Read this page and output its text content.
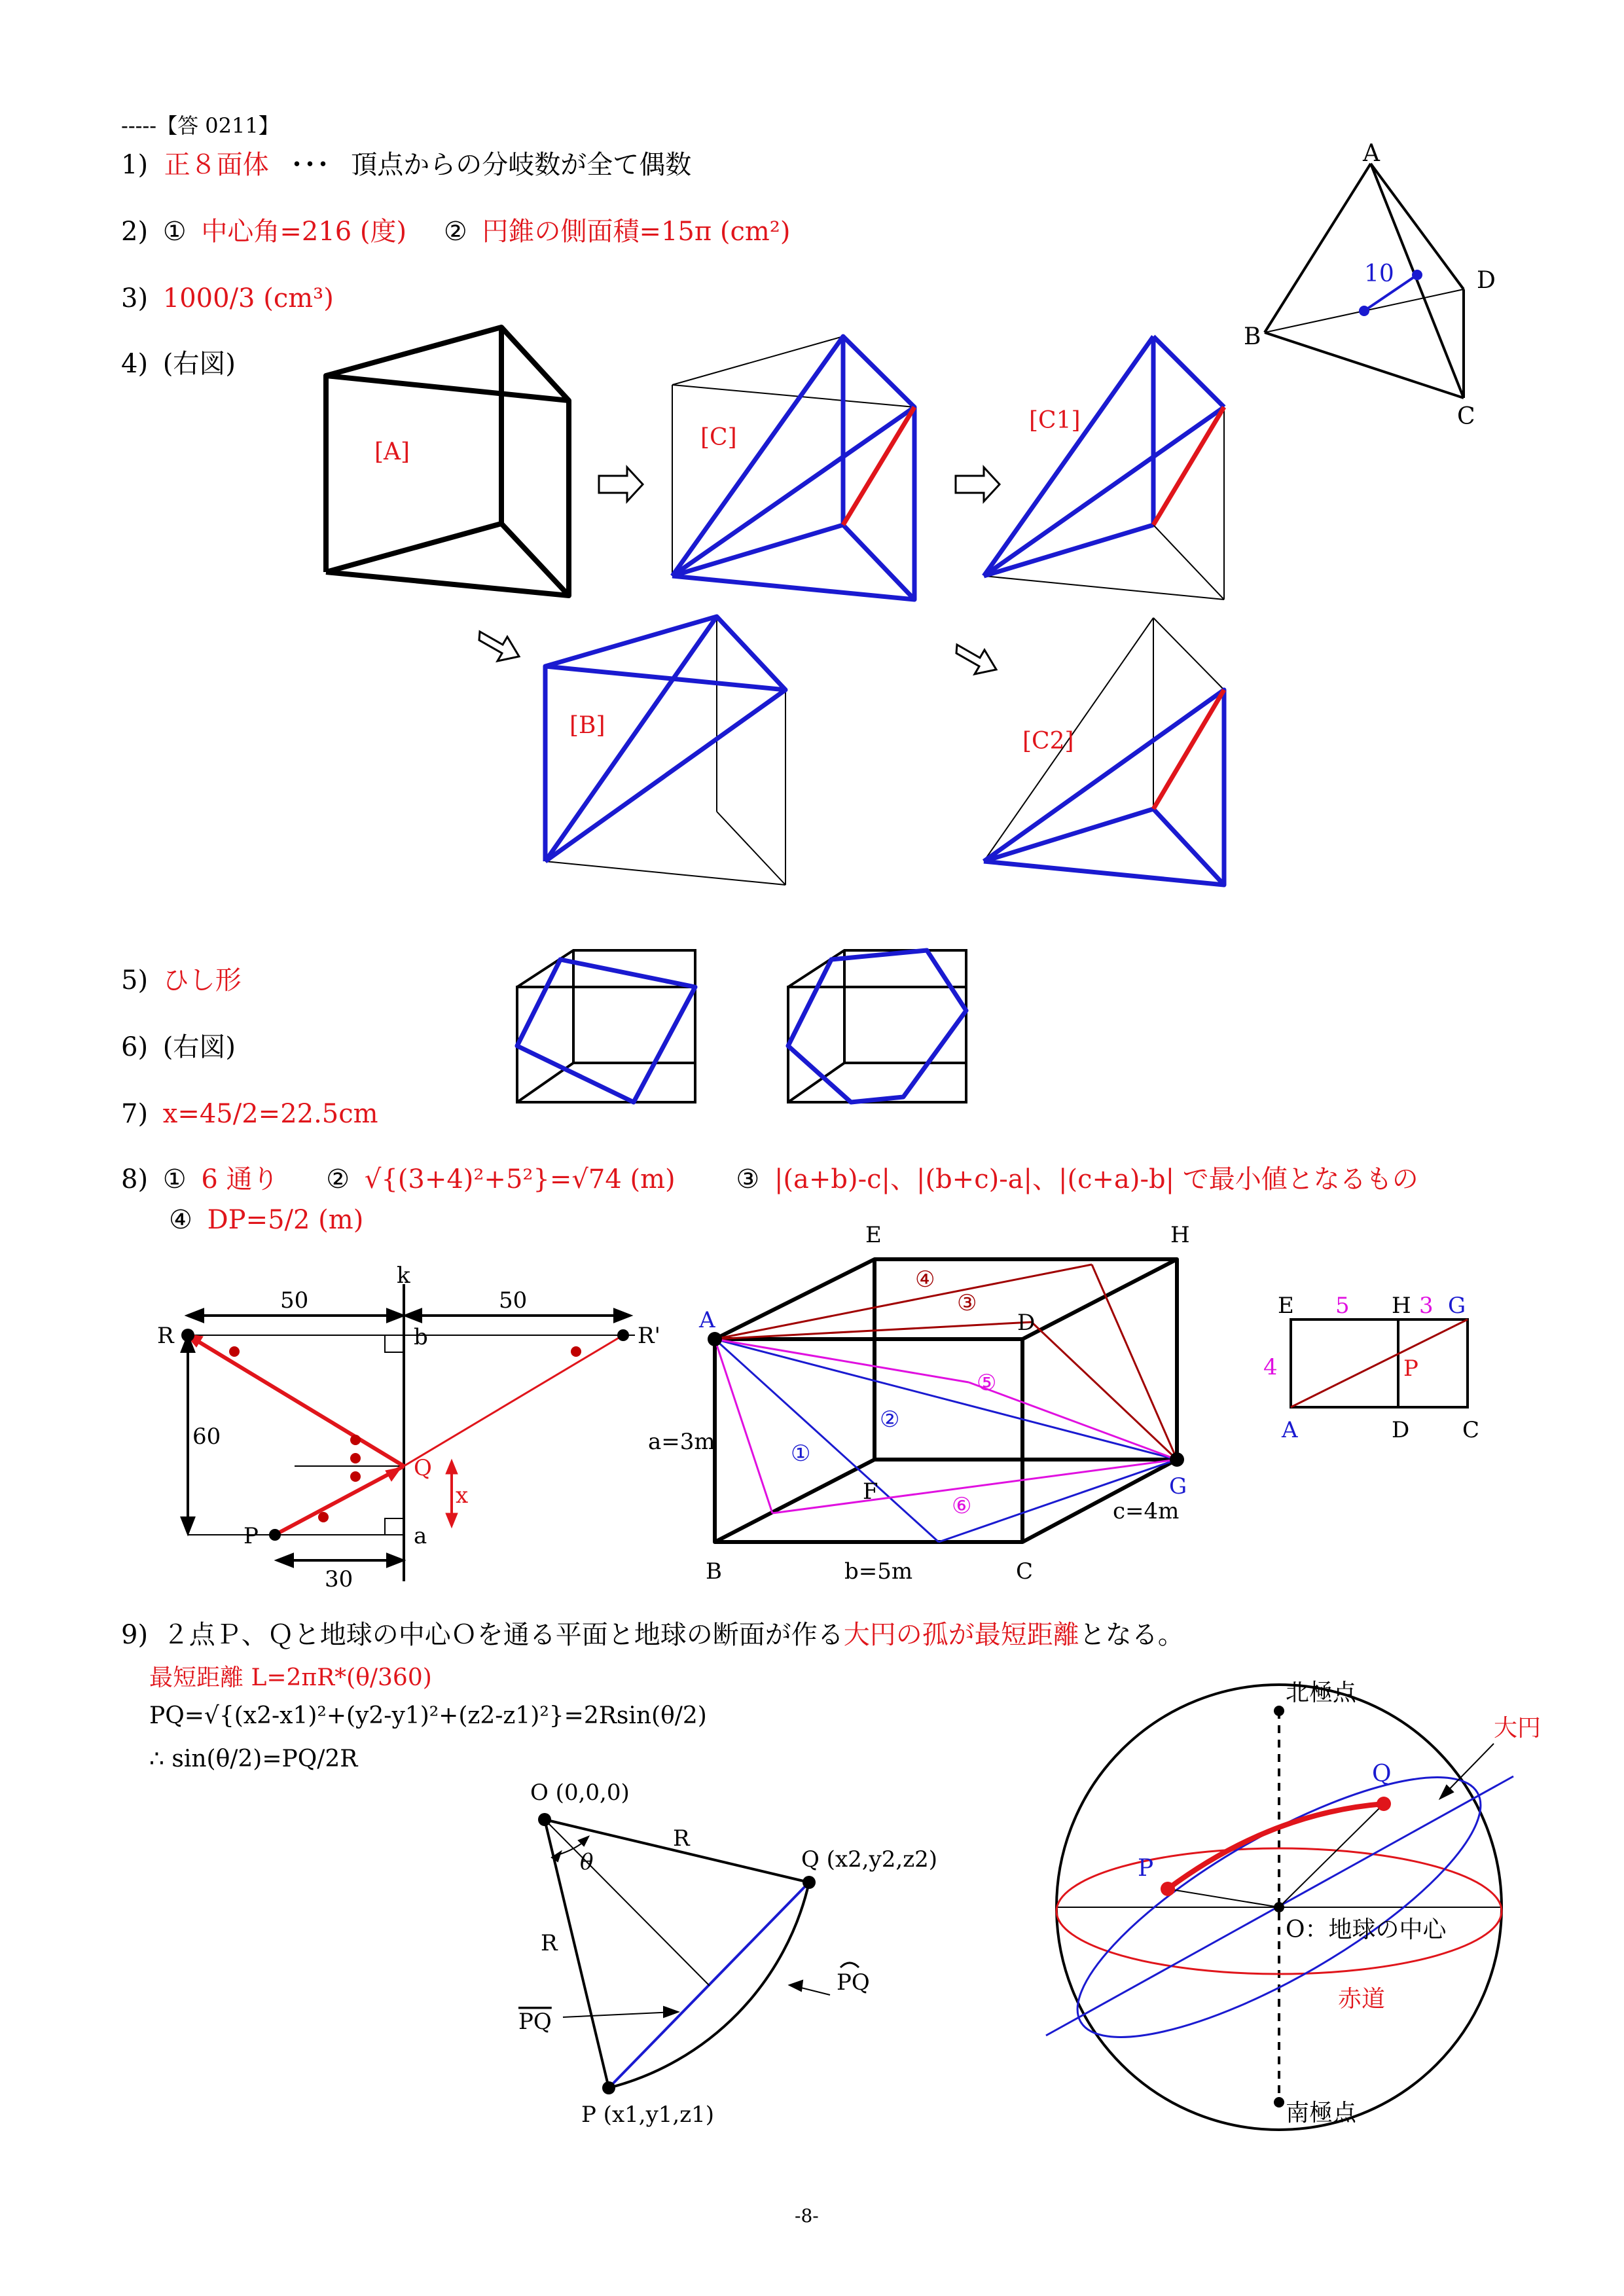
-----【答 0211】
1) 正８面体 ･･･ 頂点からの分岐数が全て偶数
2) ① 中心角=216 (度) ② 円錐の側面積=15π (cm²)
3) 1000/3 (cm³)
4) (右図)
5) ひし形
6) (右図)
7) x=45/2=22.5cm
8) ① 6 通り ② √{(3+4)²+5²}=√74 (m) ③ |(a+b)-c|、|(b+c)-a|、|(c+a)-b| で最小値となるもの
④ DP=5/2 (m)
9) ２点Ｐ、Ｑと地球の中心Ｏを通る平面と地球の断面が作る大円の孤が最短距離となる。
最短距離 L=2πR*(θ/360)
PQ=√{(x2-x1)²+(y2-y1)²+(z2-z1)²}=2Rsin(θ/2)
∴ sin(θ/2)=PQ/2R
-8-
A
B
C
D
10
[A]
[C]
[C1]
[B]
[C2]
k
50	50
R	R'
b
60
Q
x
P	a
30
E	H
A	D
F	G
B	C
a=3m
b=5m
c=4m
①
②
③
④
⑤
⑥
E 5 H 3 G
4	P
A	D C
O (0,0,0)
Q (x2,y2,z2)
P (x1,y1,z1)
R
R
θ
PQ
PQ
北極点
南極点
大円
P
Q
O：地球の中心
赤道
